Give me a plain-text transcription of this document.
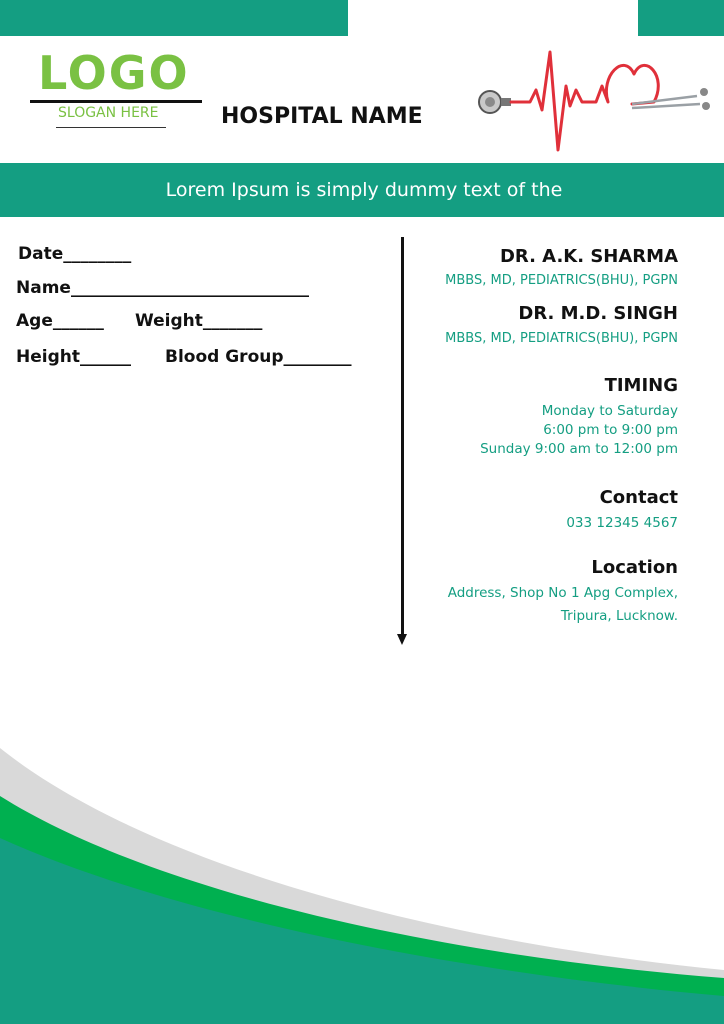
LOGO
SLOGAN HERE	HOSPITAL NAME
Lorem Ipsum is simply dummy text of the
Date________
Name____________________________
Age______ Weight_______
Height______ Blood Group________
DR. A.K. SHARMA
MBBS, MD, PEDIATRICS(BHU), PGPN
DR. M.D. SINGH
MBBS, MD, PEDIATRICS(BHU), PGPN
TIMING
Monday to Saturday
6:00 pm to 9:00 pm
Sunday 9:00 am to 12:00 pm
Contact
033 12345 4567
Location
Address, Shop No 1 Apg Complex,
Tripura, Lucknow.
